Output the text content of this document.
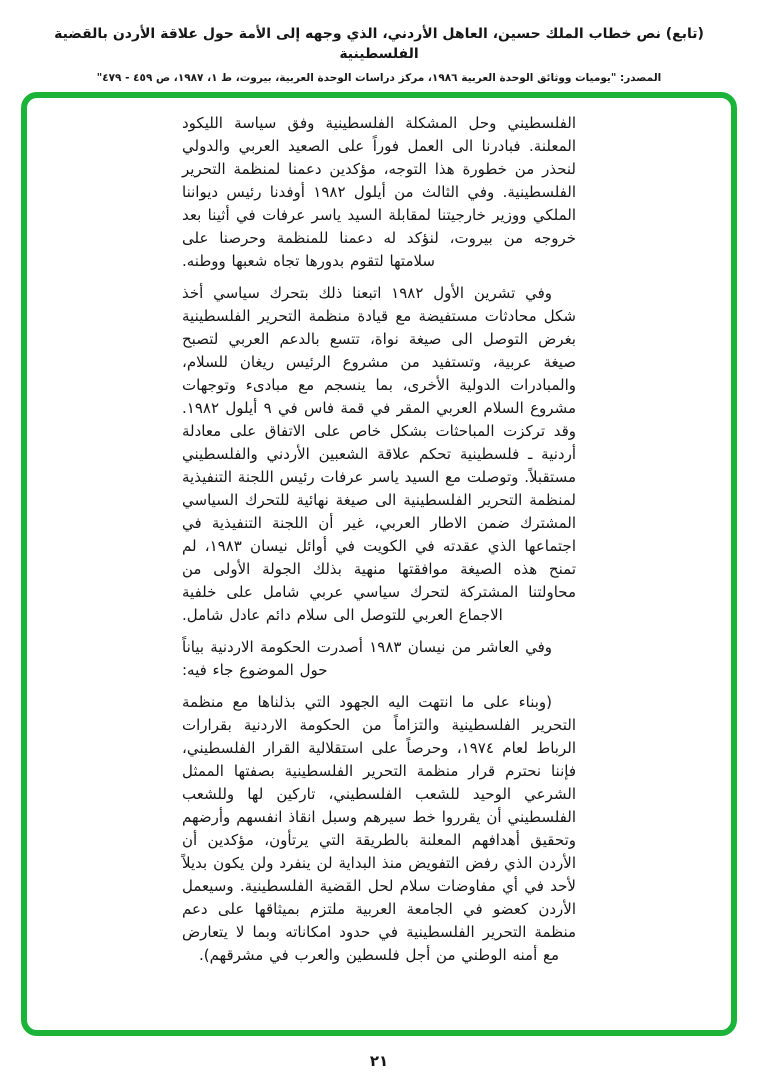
(تابع) نص خطاب الملك حسين، العاهل الأردني، الذي وجهه إلى الأمة حول علاقة الأردن بالقضية الفلسطينية
المصدر: "يوميات ووثائق الوحدة العربية ١٩٨٦، مركز دراسات الوحدة العربية، بيروت، ط ١، ١٩٨٧، ص ٤٥٩ - ٤٧٩"

الفلسطيني وحل المشكلة الفلسطينية وفق سياسة الليكود المعلنة. فبادرنا الى العمل فوراً على الصعيد العربي والدولي لنحذر من خطورة هذا التوجه، مؤكدين دعمنا لمنظمة التحرير الفلسطينية. وفي الثالث من أيلول ١٩٨٢ أوفدنا رئيس ديواننا الملكي ووزير خارجيتنا لمقابلة السيد ياسر عرفات في أثينا بعد خروجه من بيروت، لنؤكد له دعمنا للمنظمة وحرصنا على سلامتها لتقوم بدورها تجاه شعبها ووطنه.

وفي تشرين الأول ١٩٨٢ اتبعنا ذلك بتحرك سياسي أخذ شكل محادثات مستفيضة مع قيادة منظمة التحرير الفلسطينية بغرض التوصل الى صيغة نواة، تتسع بالدعم العربي لتصبح صيغة عربية، وتستفيد من مشروع الرئيس ريغان للسلام، والمبادرات الدولية الأخرى، بما ينسجم مع مبادىء وتوجهات مشروع السلام العربي المقر في قمة فاس في ٩ أيلول ١٩٨٢. وقد تركزت المباحثات بشكل خاص على الاتفاق على معادلة أردنية ـ فلسطينية تحكم علاقة الشعبين الأردني والفلسطيني مستقبلاً. وتوصلت مع السيد ياسر عرفات رئيس اللجنة التنفيذية لمنظمة التحرير الفلسطينية الى صيغة نهائية للتحرك السياسي المشترك ضمن الاطار العربي، غير أن اللجنة التنفيذية في اجتماعها الذي عقدته في الكويت في أوائل نيسان ١٩٨٣، لم تمنح هذه الصيغة موافقتها منهية بذلك الجولة الأولى من محاولتنا المشتركة لتحرك سياسي عربي شامل على خلفية الاجماع العربي للتوصل الى سلام دائم عادل شامل.

وفي العاشر من نيسان ١٩٨٣ أصدرت الحكومة الاردنية بياناً حول الموضوع جاء فيه:

(وبناء على ما انتهت اليه الجهود التي بذلناها مع منظمة التحرير الفلسطينية والتزاماً من الحكومة الاردنية بقرارات الرباط لعام ١٩٧٤، وحرصاً على استقلالية القرار الفلسطيني، فإننا نحترم قرار منظمة التحرير الفلسطينية بصفتها الممثل الشرعي الوحيد للشعب الفلسطيني، تاركين لها وللشعب الفلسطيني أن يقرروا خط سيرهم وسبل انقاذ انفسهم وأرضهم وتحقيق أهدافهم المعلنة بالطريقة التي يرتأون، مؤكدين أن الأردن الذي رفض التفويض منذ البداية لن ينفرد ولن يكون بديلاً لأحد في أي مفاوضات سلام لحل القضية الفلسطينية. وسيعمل الأردن كعضو في الجامعة العربية ملتزم بميثاقها على دعم منظمة التحرير الفلسطينية في حدود امكاناته وبما لا يتعارض مع أمنه الوطني من أجل فلسطين والعرب في مشرقهم).

٢١
